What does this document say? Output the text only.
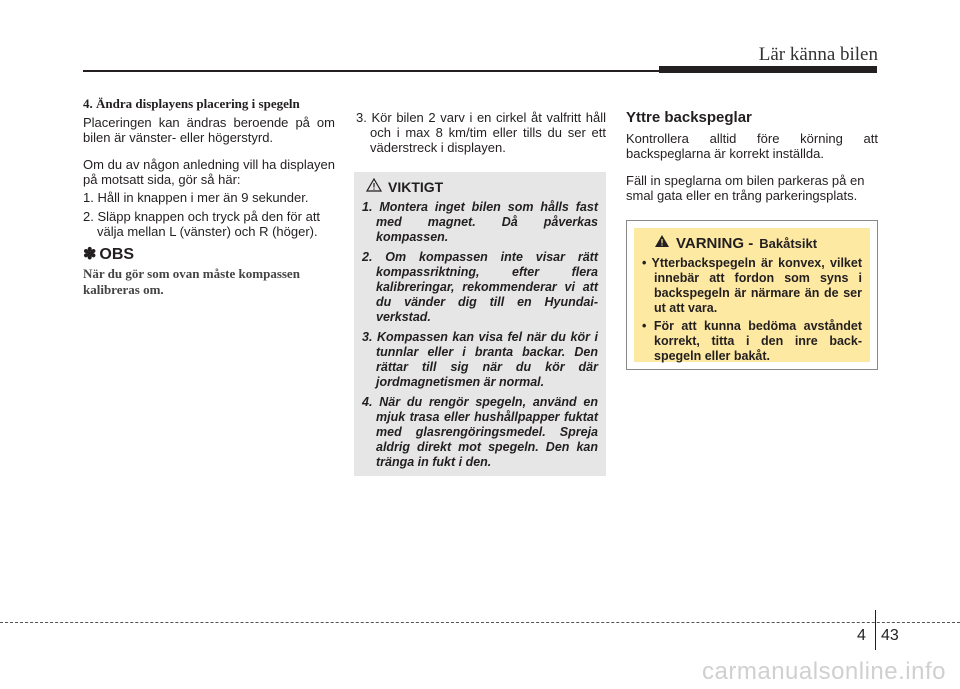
Lär känna bilen
4. Ändra displayens placering i spegeln

Placeringen kan ändras beroende på om bilen är vänster- eller högerstyrd.

Om du av någon anledning vill ha displayen på motsatt sida, gör så här:

1. Håll in knappen i mer än 9 sekunder.
2. Släpp knappen och tryck på den för att välja mellan L (vänster) och R (höger).
✽ OBS
När du gör som ovan måste kompassen kalibreras om.
3. Kör bilen 2 varv i en cirkel åt valfritt håll och i max 8 km/tim eller tills du ser ett väderstreck i displayen.
VIKTIGT
1. Montera inget bilen som hålls fast med magnet. Då påverkas kompassen.
2. Om kompassen inte visar rätt kompassriktning, efter flera kalibreringar, rekommenderar vi att du vänder dig till en Hyundai-verkstad.
3. Kompassen kan visa fel när du kör i tunnlar eller i branta backar. Den rättar till sig när du kör där jordmagnetismen är normal.
4. När du rengör spegeln, använd en mjuk trasa eller hushållpapper fuktat med glasrengöringsmedel. Spreja aldrig direkt mot spegeln. Den kan tränga in fukt i den.
Yttre backspeglar

Kontrollera alltid före körning att backspeglarna är korrekt inställda.

Fäll in speglarna om bilen parkeras på en smal gata eller en trång parkeringsplats.

VARNING - Bakåtsikt
• Ytterbackspegeln är konvex, vilket innebär att fordon som syns i backspegeln är närmare än de ser ut att vara.
• För att kunna bedöma avståndet korrekt, titta i den inre back-spegeln eller bakåt.
4 43
carmanualsonline.info
